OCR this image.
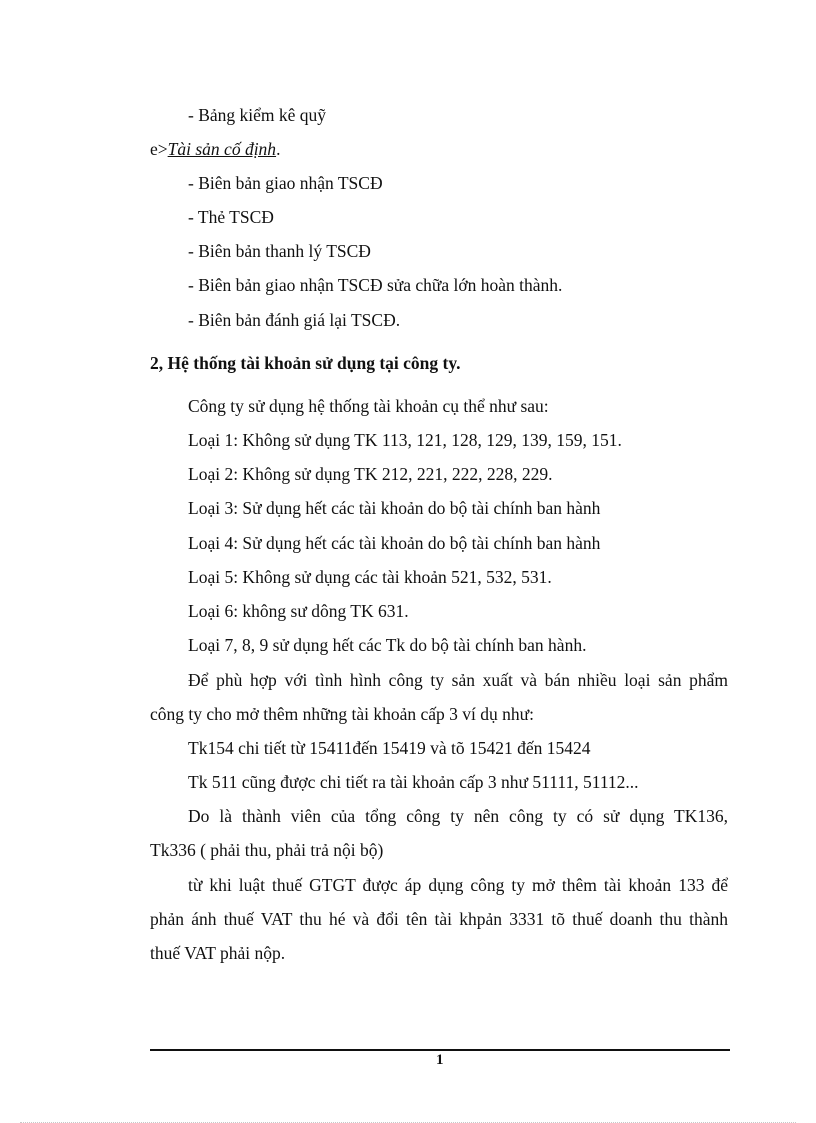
- Bảng kiểm kê quỹ
e>Tài sản cố định.
- Biên bản giao nhận TSCĐ
- Thẻ TSCĐ
- Biên bản thanh lý TSCĐ
- Biên bản giao nhận TSCĐ sửa chữa lớn hoàn thành.
- Biên bản đánh giá lại TSCĐ.
2, Hệ thống tài khoản sử dụng tại công ty.
Công ty sử dụng hệ thống tài khoản cụ thể như sau:
Loại 1: Không sử dụng TK 113, 121, 128, 129, 139, 159, 151.
Loại 2: Không sử dụng TK 212, 221, 222, 228, 229.
Loại 3: Sử dụng hết các tài khoản do bộ tài chính ban hành
Loại 4: Sử dụng hết các tài khoản do bộ tài chính ban hành
Loại 5: Không sử dụng các tài khoản 521, 532, 531.
Loại 6: không sư dông TK 631.
Loại 7, 8, 9 sử dụng hết các Tk do bộ tài chính ban hành.
Để phù hợp với tình hình công ty sản xuất và bán nhiều loại sản phẩm
công ty cho mở thêm những tài khoản cấp 3 ví dụ như:
Tk154 chi tiết từ 15411đến 15419 và tõ 15421 đến 15424
Tk 511 cũng được chi tiết ra tài khoản cấp 3 như 51111, 51112...
Do là thành viên của tổng công ty nên công ty có sử dụng TK136,
Tk336 ( phải thu, phải trả nội bộ)
từ khi luật thuế GTGT được áp dụng công ty mở thêm tài khoản 133 để
phản ánh thuế VAT thu hé và đổi tên tài khpản 3331 tõ thuế doanh thu thành
thuế VAT phải nộp.
1
